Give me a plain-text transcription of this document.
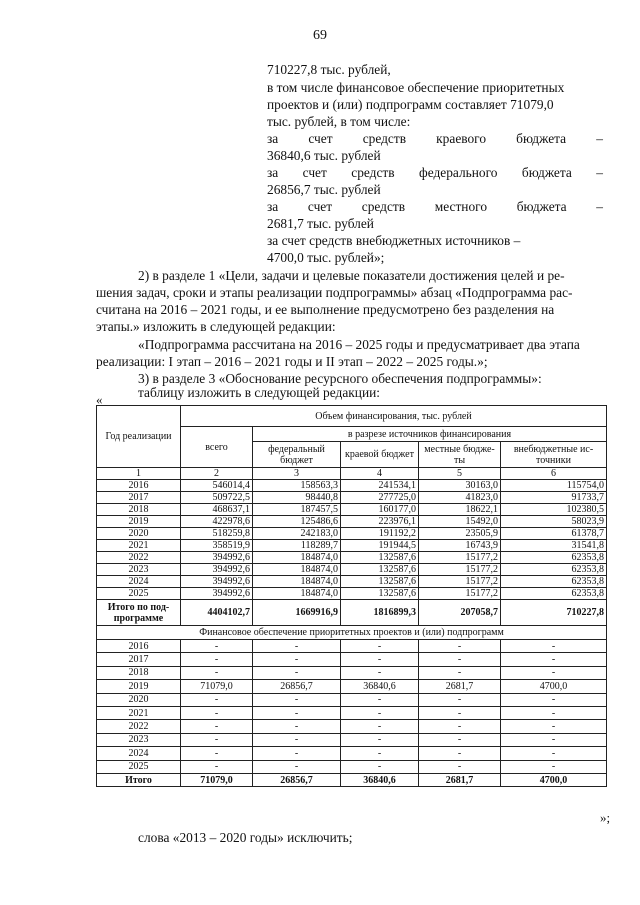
69
710227,8 тыс. рублей,
в том числе финансовое обеспечение приоритетных
проектов и (или) подпрограмм составляет 71079,0
тыс. рублей, в том числе:
за счет средств краевого бюджета –
36840,6 тыс. рублей
за счет средств федерального бюджета –
26856,7 тыс. рублей
за счет средств местного бюджета –
2681,7 тыс. рублей
за счет средств внебюджетных источников –
4700,0 тыс. рублей»;
2) в разделе 1 «Цели, задачи и целевые показатели достижения целей и ре-
шения задач, сроки и этапы реализации подпрограммы» абзац «Подпрограмма рас-
считана на 2016 – 2021 годы, и ее выполнение предусмотрено без разделения на
этапы.» изложить в следующей редакции:
«Подпрограмма рассчитана на 2016 – 2025 годы и предусматривает два этапа
реализации: I этап – 2016 – 2021 годы и II этап – 2022 – 2025 годы.»;
3) в разделе 3 «Обоснование ресурсного обеспечения подпрограммы»:
таблицу изложить в следующей редакции:
«
Год реализации	Объем финансирования, тыс. рублей				
	всего	в разрезе источников финансирования			
		федеральный бюджет	краевой бюджет	местные бюдже-ты	внебюджетные ис-точники
1	2	3	4	5	6
2016	546014,4	158563,3	241534,1	30163,0	115754,0
2017	509722,5	98440,8	277725,0	41823,0	91733,7
2018	468637,1	187457,5	160177,0	18622,1	102380,5
2019	422978,6	125486,6	223976,1	15492,0	58023,9
2020	518259,8	242183,0	191192,2	23505,9	61378,7
2021	358519,9	118289,7	191944,5	16743,9	31541,8
2022	394992,6	184874,0	132587,6	15177,2	62353,8
2023	394992,6	184874,0	132587,6	15177,2	62353,8
2024	394992,6	184874,0	132587,6	15177,2	62353,8
2025	394992,6	184874,0	132587,6	15177,2	62353,8
Итого по под-программе	4404102,7	1669916,9	1816899,3	207058,7	710227,8
Финансовое обеспечение приоритетных проектов и (или) подпрограмм					
2016	-	-	-	-	-
2017	-	-	-	-	-
2018	-	-	-	-	-
2019	71079,0	26856,7	36840,6	2681,7	4700,0
2020	-	-	-	-	-
2021	-	-	-	-	-
2022	-	-	-	-	-
2023	-	-	-	-	-
2024	-	-	-	-	-
2025	-	-	-	-	-
Итого	71079,0	26856,7	36840,6	2681,7	4700,0
»;
слова «2013 – 2020 годы» исключить;
